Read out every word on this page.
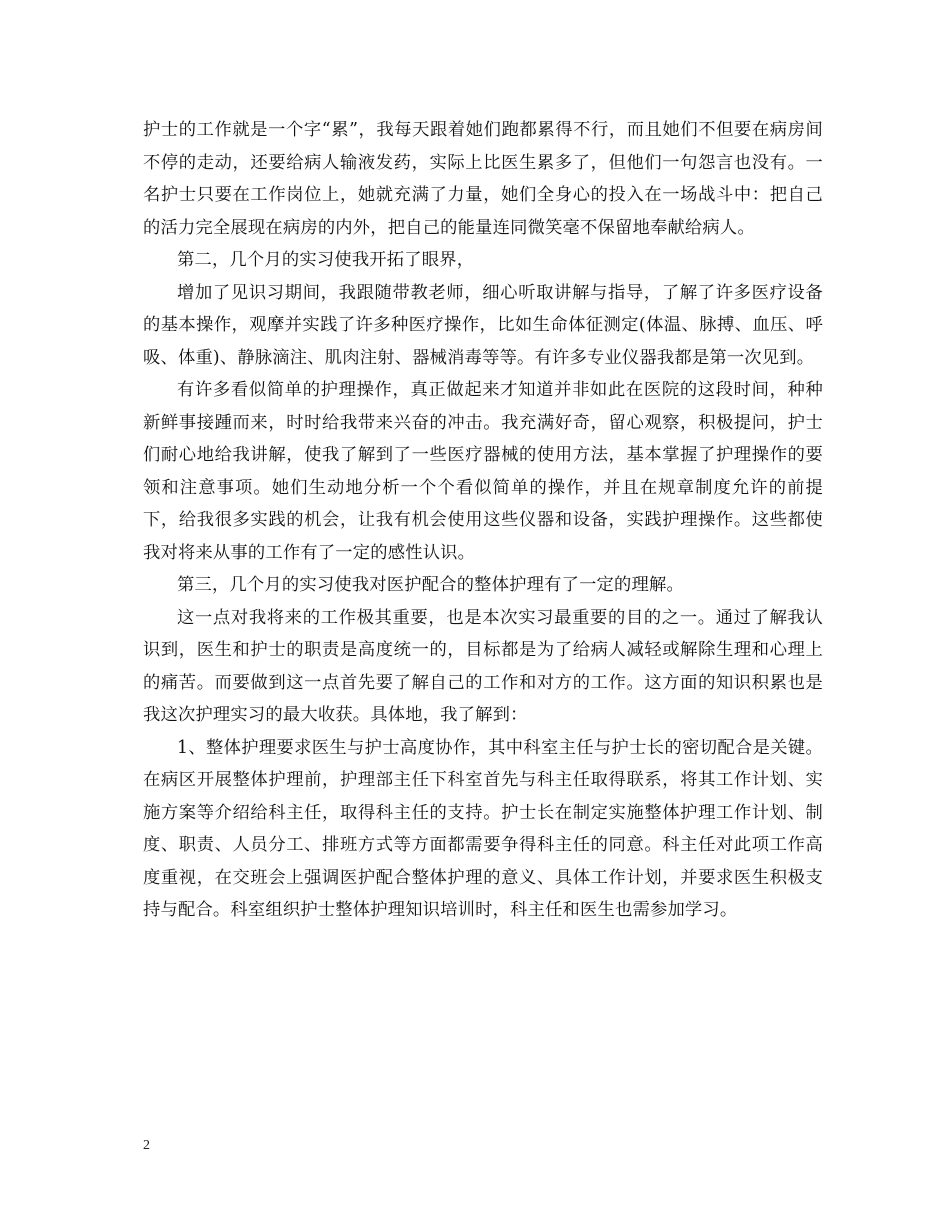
护士的工作就是一个字“累”，我每天跟着她们跑都累得不行，而且她们不但要在病房间不停的走动，还要给病人输液发药，实际上比医生累多了，但他们一句怨言也没有。一名护士只要在工作岗位上，她就充满了力量，她们全身心的投入在一场战斗中：把自己的活力完全展现在病房的内外，把自己的能量连同微笑毫不保留地奉献给病人。

第二，几个月的实习使我开拓了眼界，

增加了见识习期间，我跟随带教老师，细心听取讲解与指导，了解了许多医疗设备的基本操作，观摩并实践了许多种医疗操作，比如生命体征测定(体温、脉搏、血压、呼吸、体重)、静脉滴注、肌肉注射、器械消毒等等。有许多专业仪器我都是第一次见到。

有许多看似简单的护理操作，真正做起来才知道并非如此在医院的这段时间，种种新鲜事接踵而来，时时给我带来兴奋的冲击。我充满好奇，留心观察，积极提问，护士们耐心地给我讲解，使我了解到了一些医疗器械的使用方法，基本掌握了护理操作的要领和注意事项。她们生动地分析一个个看似简单的操作，并且在规章制度允许的前提下，给我很多实践的机会，让我有机会使用这些仪器和设备，实践护理操作。这些都使我对将来从事的工作有了一定的感性认识。

第三，几个月的实习使我对医护配合的整体护理有了一定的理解。

这一点对我将来的工作极其重要，也是本次实习最重要的目的之一。通过了解我认识到，医生和护士的职责是高度统一的，目标都是为了给病人减轻或解除生理和心理上的痛苦。而要做到这一点首先要了解自己的工作和对方的工作。这方面的知识积累也是我这次护理实习的最大收获。具体地，我了解到：

1、整体护理要求医生与护士高度协作，其中科室主任与护士长的密切配合是关键。在病区开展整体护理前，护理部主任下科室首先与科主任取得联系，将其工作计划、实施方案等介绍给科主任，取得科主任的支持。护士长在制定实施整体护理工作计划、制度、职责、人员分工、排班方式等方面都需要争得科主任的同意。科主任对此项工作高度重视，在交班会上强调医护配合整体护理的意义、具体工作计划，并要求医生积极支持与配合。科室组织护士整体护理知识培训时，科主任和医生也需参加学习。

2
